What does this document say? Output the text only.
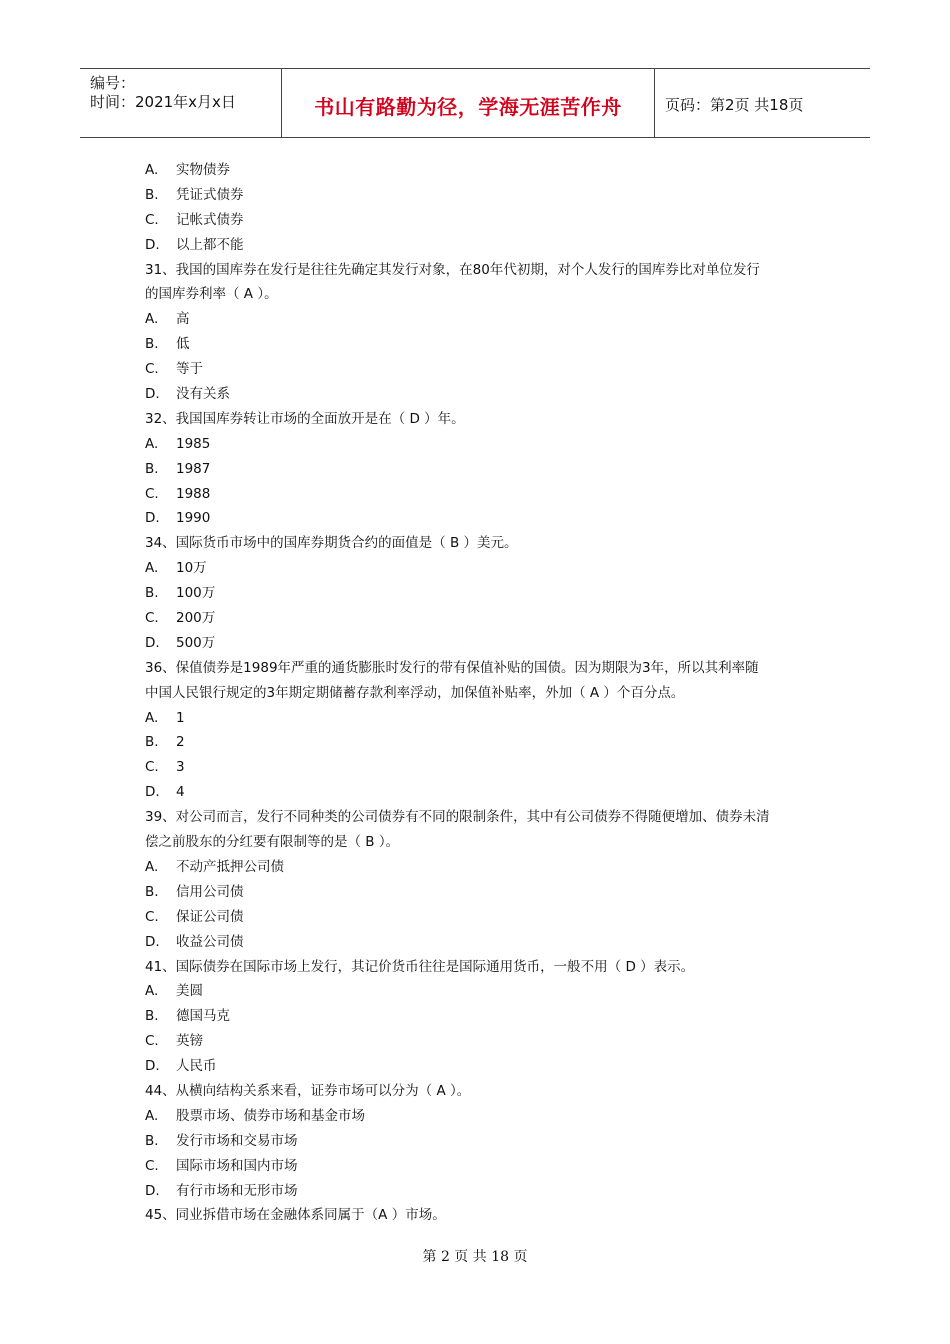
编号：
时间：2021年x月x日	书山有路勤为径，学海无涯苦作舟	页码：第2页 共18页
A. 实物债券
B. 凭证式债券
C. 记帐式债券
D. 以上都不能
31、我国的国库券在发行是往往先确定其发行对象，在80年代初期，对个人发行的国库券比对单位发行
的国库券利率（ A ）。
A. 高
B. 低
C. 等于
D. 没有关系
32、我国国库券转让市场的全面放开是在（ D ）年。
A. 1985
B. 1987
C. 1988
D. 1990
34、国际货币市场中的国库券期货合约的面值是（ B ）美元。
A. 10万
B. 100万
C. 200万
D. 500万
36、保值债券是1989年严重的通货膨胀时发行的带有保值补贴的国债。因为期限为3年，所以其利率随
中国人民银行规定的3年期定期储蓄存款利率浮动，加保值补贴率，外加（ A ）个百分点。
A. 1
B. 2
C. 3
D. 4
39、对公司而言，发行不同种类的公司债券有不同的限制条件，其中有公司债券不得随便增加、债券未清
偿之前股东的分红要有限制等的是（ B ）。
A. 不动产抵押公司债
B. 信用公司债
C. 保证公司债
D. 收益公司债
41、国际债券在国际市场上发行，其记价货币往往是国际通用货币，一般不用（ D ）表示。
A. 美圆
B. 德国马克
C. 英镑
D. 人民币
44、从横向结构关系来看，证券市场可以分为（ A ）。
A. 股票市场、债券市场和基金市场
B. 发行市场和交易市场
C. 国际市场和国内市场
D. 有行市场和无形市场
45、同业拆借市场在金融体系同属于（A ）市场。
第 2 页 共 18 页
